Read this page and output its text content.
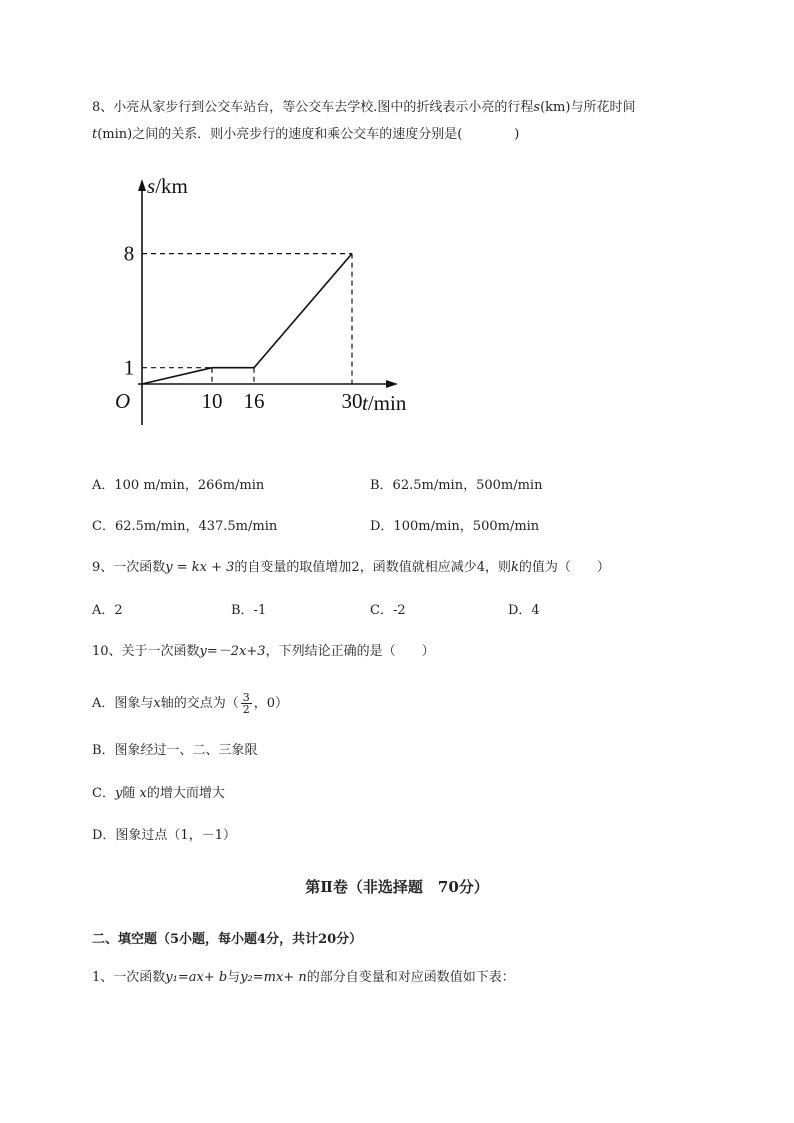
8、小亮从家步行到公交车站台，等公交车去学校.图中的折线表示小亮的行程s(km)与所花时间
t(min)之间的关系．则小亮步行的速度和乘公交车的速度分别是(　　　　)
s/km
t/min
O	10 16	30
1
8
A．100 m/min，266m/min	B．62.5m/min，500m/min
C．62.5m/min，437.5m/min	D．100m/min，500m/min
9、一次函数y = kx + 3的自变量的取值增加2，函数值就相应减少4，则k的值为（　　）
A．2	B．-1	C．-2	D．4
10、关于一次函数y=－2x+3，下列结论正确的是（　　）
A．图象与x轴的交点为（ $\frac{3}{2}$ ，0）
B．图象经过一、二、三象限
C．y随 x的增大而增大
D．图象过点（1，－1）
第Ⅱ卷（非选择题　70分）
二、填空题（5小题，每小题4分，共计20分）
1、一次函数y₁=ax+ b与y₂=mx+ n的部分自变量和对应函数值如下表：
